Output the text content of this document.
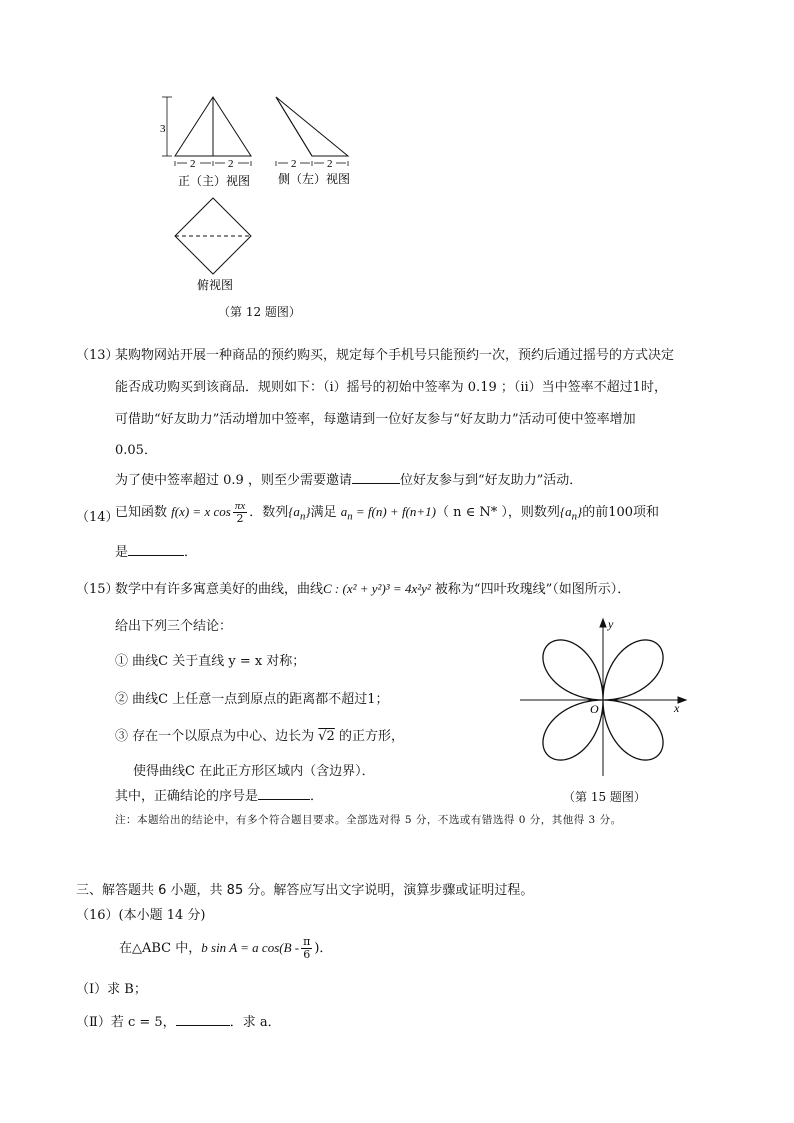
3
2	2
正（主）视图
2	2
侧（左）视图
俯视图
（第 12 题图）
（13）
某购物网站开展一种商品的预约购买，规定每个手机号只能预约一次，预约后通过摇号的方式决定
能否成功购买到该商品．规则如下：（ⅰ）摇号的初始中签率为 0.19 ；（ⅱ）当中签率不超过1时，
可借助“好友助力”活动增加中签率，每邀请到一位好友参与“好友助力”活动可使中签率增加
0.05．
为了使中签率超过 0.9 ，则至少需要邀请	位好友参与到“好友助力”活动．
（14）
已知函数 f(x) = x $\cos \frac{\pi x}{2}$ ．数列$\{a_n\}$满足 $a_n = f(n) + f(n+1)$（ n ∈ N* ），则数列$\{a_n\}$的前100项和
是	．
（15）
数学中有许多寓意美好的曲线，曲线C : (x² + y²)³ = 4x²y² 被称为“四叶玫瑰线”（如图所示）．
给出下列三个结论：
① 曲线C 关于直线 y = x 对称；
② 曲线C 上任意一点到原点的距离都不超过1；
③ 存在一个以原点为中心、边长为 √2 的正方形，
使得曲线C 在此正方形区域内（含边界）．
其中，正确结论的序号是	．
y
x
O
（第 15 题图）
注：本题给出的结论中，有多个符合题目要求。全部选对得 5 分，不选或有错选得 0 分，其他得 3 分。
三、解答题共 6 小题，共 85 分。解答应写出文字说明，演算步骤或证明过程。
（16）(本小题 14 分)
在△ABC 中，b sin A = a $\cos(B - \frac{\pi}{6}$ )．
（Ⅰ）求 B；
（Ⅱ）若 c = 5，	．求 a．
